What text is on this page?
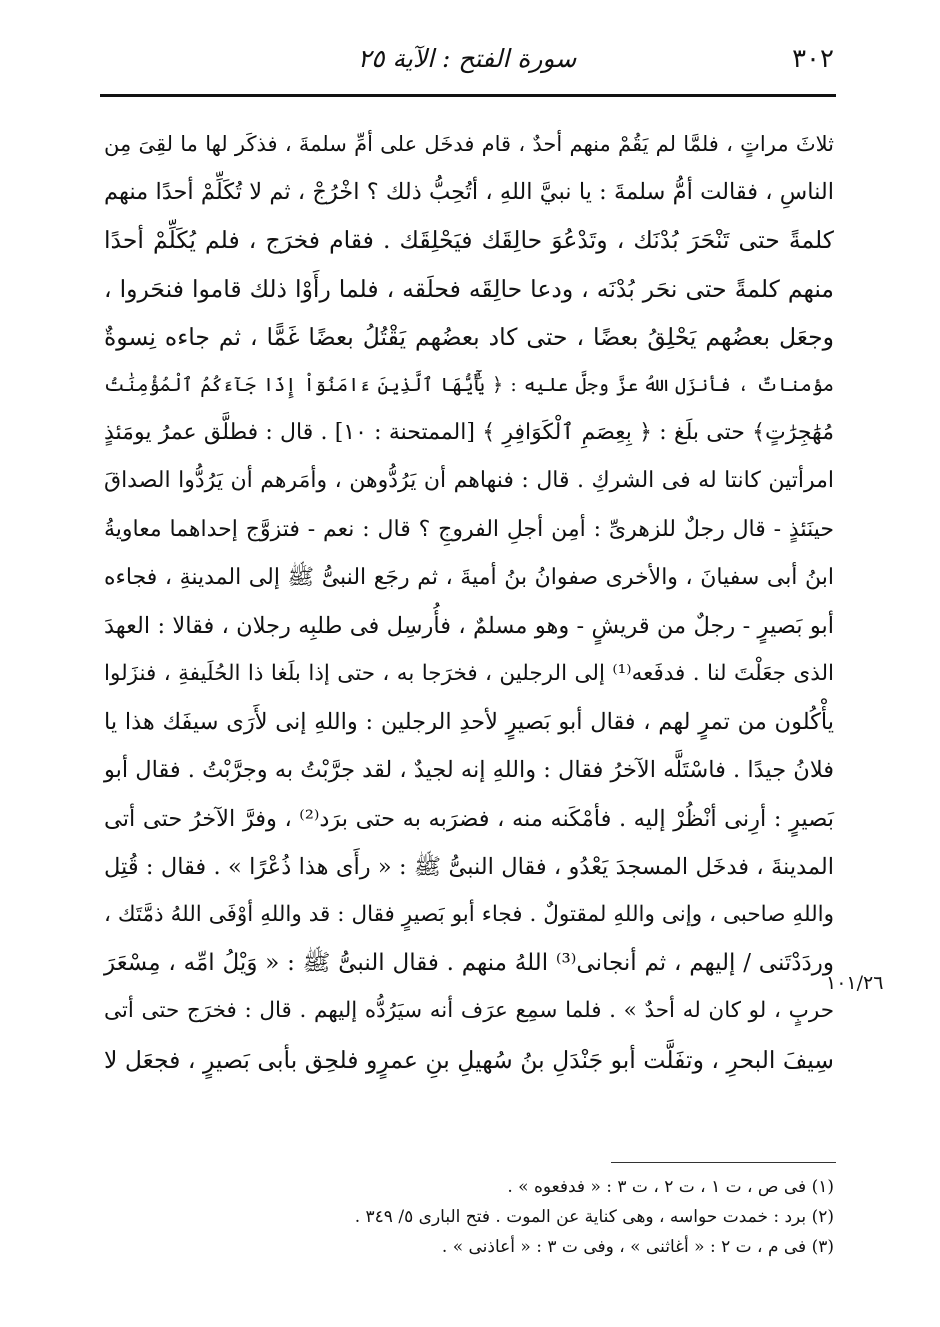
٣٠٢
سورة الفتح : الآية ٢٥
ثلاثَ مراتٍ ، فلمَّا لم يَقُمْ منهم أحدٌ ، قام فدخَل على أمِّ سلمةَ ، فذكَر لها ما لقِىَ مِن
الناسِ ، فقالت أمُّ سلمةَ : يا نبيَّ اللهِ ، أتُحِبُّ ذلك ؟ اخْرُجْ ، ثم لا تُكَلِّمْ أحدًا منهم
كلمةً حتى تَنْحَرَ بُدْنَك ، وتَدْعُوَ حالِقَك فيَحْلِقَك . فقام فخرَج ، فلم يُكَلِّمْ أحدًا
منهم كلمةً حتى نحَر بُدْنَه ، ودعا حالِقَه فحلَقه ، فلما رأَوْا ذلك قاموا فنحَروا ،
وجعَل بعضُهم يَحْلِقُ بعضًا ، حتى كاد بعضُهم يَقْتُلُ بعضًا غَمًّا ، ثم جاءه نِسوةٌ
مؤمناتٌ ، فأنزَل اللهُ عزَّ وجلَّ عليه : ﴿ يَٰٓأَيُّهَا ٱلَّذِينَ ءَامَنُوٓاْ إِذَا جَآءَكُمُ ٱلْمُؤْمِنَٰتُ
مُهَٰجِرَٰتٍ﴾ حتى بلَغ : ﴿ بِعِصَمِ ٱلْكَوَافِرِ ﴾ [الممتحنة : ١٠] . قال : فطلَّق عمرُ يومَئذٍ
امرأتين كانتا له فى الشركِ . قال : فنهاهم أن يَرُدُّوهن ، وأمَرهم أن يَرُدُّوا الصداقَ
حينَئذٍ - قال رجلٌ للزهرىِّ : أمِن أجلِ الفروجِ ؟ قال : نعم - فتزوَّج إحداهما معاويةُ
ابنُ أبى سفيانَ ، والأخرى صفوانُ بنُ أميةَ ، ثم رجَع النبىُّ ﷺ إلى المدينةِ ، فجاءه
أبو بَصيرٍ - رجلٌ من قريشٍ - وهو مسلمٌ ، فأُرسِل فى طلبِه رجلان ، فقالا : العهدَ
الذى جعَلْتَ لنا . فدفَعه⁽¹⁾ إلى الرجلين ، فخرَجا به ، حتى إذا بلَغا ذا الحُلَيفةِ ، فنزَلوا
يأْكُلون من تمرٍ لهم ، فقال أبو بَصيرٍ لأحدِ الرجلين : واللهِ إنى لأَرَى سيفَك هذا يا
فلانُ جيدًا . فاسْتَلَّه الآخرُ فقال : واللهِ إنه لجيدٌ ، لقد جرَّبْتُ به وجرَّبْتُ . فقال أبو
بَصيرٍ : أرِنى أنْظُرْ إليه . فأمْكَنه منه ، فضرَبه به حتى برَد⁽²⁾ ، وفرَّ الآخرُ حتى أتى
المدينةَ ، فدخَل المسجدَ يَعْدُو ، فقال النبىُّ ﷺ : « رأَى هذا ذُعْرًا » . فقال : قُتِل
واللهِ صاحبى ، وإنى واللهِ لمقتولٌ . فجاء أبو بَصيرٍ فقال : قد واللهِ أوْفَى اللهُ ذمَّتَك ،
وردَدْتَنى / إليهم ، ثم أنجانى⁽³⁾ اللهُ منهم . فقال النبىُّ ﷺ : « وَيْلُ امِّه ، مِسْعَرَ
حربٍ ، لو كان له أحدٌ » . فلما سمِع عرَف أنه سيَرُدُّه إليهم . قال : فخرَج حتى أتى
سِيفَ البحرِ ، وتفَلَّت أبو جَنْدَلِ بنُ سُهيلِ بنِ عمرٍو فلحِق بأبى بَصيرٍ ، فجعَل لا
١٠١/٢٦
(١) فى ص ، ت ١ ، ت ٢ ، ت ٣ : « فدفعوه » .
(٢) برد : خمدت حواسه ، وهى كناية عن الموت . فتح البارى ٥/ ٣٤٩ .
(٣) فى م ، ت ٢ : « أغاثنى » ، وفى ت ٣ : « أعاذنى » .
